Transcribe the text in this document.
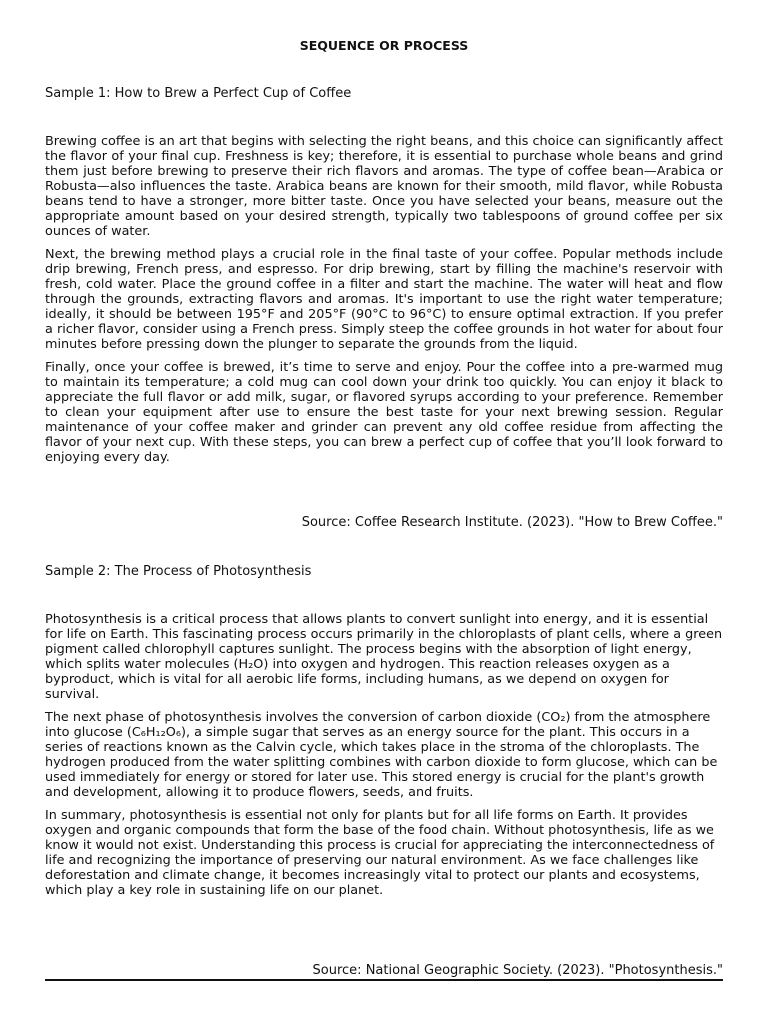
SEQUENCE OR PROCESS
Sample 1: How to Brew a Perfect Cup of Coffee

Brewing coffee is an art that begins with selecting the right beans, and this choice can significantly affect the flavor of your final cup. Freshness is key; therefore, it is essential to purchase whole beans and grind them just before brewing to preserve their rich flavors and aromas. The type of coffee bean—Arabica or Robusta—also influences the taste. Arabica beans are known for their smooth, mild flavor, while Robusta beans tend to have a stronger, more bitter taste. Once you have selected your beans, measure out the appropriate amount based on your desired strength, typically two tablespoons of ground coffee per six ounces of water.

Next, the brewing method plays a crucial role in the final taste of your coffee. Popular methods include drip brewing, French press, and espresso. For drip brewing, start by filling the machine's reservoir with fresh, cold water. Place the ground coffee in a filter and start the machine. The water will heat and flow through the grounds, extracting flavors and aromas. It's important to use the right water temperature; ideally, it should be between 195°F and 205°F (90°C to 96°C) to ensure optimal extraction. If you prefer a richer flavor, consider using a French press. Simply steep the coffee grounds in hot water for about four minutes before pressing down the plunger to separate the grounds from the liquid.

Finally, once your coffee is brewed, it’s time to serve and enjoy. Pour the coffee into a pre-warmed mug to maintain its temperature; a cold mug can cool down your drink too quickly. You can enjoy it black to appreciate the full flavor or add milk, sugar, or flavored syrups according to your preference. Remember to clean your equipment after use to ensure the best taste for your next brewing session. Regular maintenance of your coffee maker and grinder can prevent any old coffee residue from affecting the flavor of your next cup. With these steps, you can brew a perfect cup of coffee that you’ll look forward to enjoying every day.

Source: Coffee Research Institute. (2023). "How to Brew Coffee."
Sample 2: The Process of Photosynthesis

Photosynthesis is a critical process that allows plants to convert sunlight into energy, and it is essential for life on Earth. This fascinating process occurs primarily in the chloroplasts of plant cells, where a green pigment called chlorophyll captures sunlight. The process begins with the absorption of light energy, which splits water molecules (H₂O) into oxygen and hydrogen. This reaction releases oxygen as a byproduct, which is vital for all aerobic life forms, including humans, as we depend on oxygen for survival.

The next phase of photosynthesis involves the conversion of carbon dioxide (CO₂) from the atmosphere into glucose (C₆H₁₂O₆), a simple sugar that serves as an energy source for the plant. This occurs in a series of reactions known as the Calvin cycle, which takes place in the stroma of the chloroplasts. The hydrogen produced from the water splitting combines with carbon dioxide to form glucose, which can be used immediately for energy or stored for later use. This stored energy is crucial for the plant's growth and development, allowing it to produce flowers, seeds, and fruits.

In summary, photosynthesis is essential not only for plants but for all life forms on Earth. It provides oxygen and organic compounds that form the base of the food chain. Without photosynthesis, life as we know it would not exist. Understanding this process is crucial for appreciating the interconnectedness of life and recognizing the importance of preserving our natural environment. As we face challenges like deforestation and climate change, it becomes increasingly vital to protect our plants and ecosystems, which play a key role in sustaining life on our planet.

Source: National Geographic Society. (2023). "Photosynthesis."
